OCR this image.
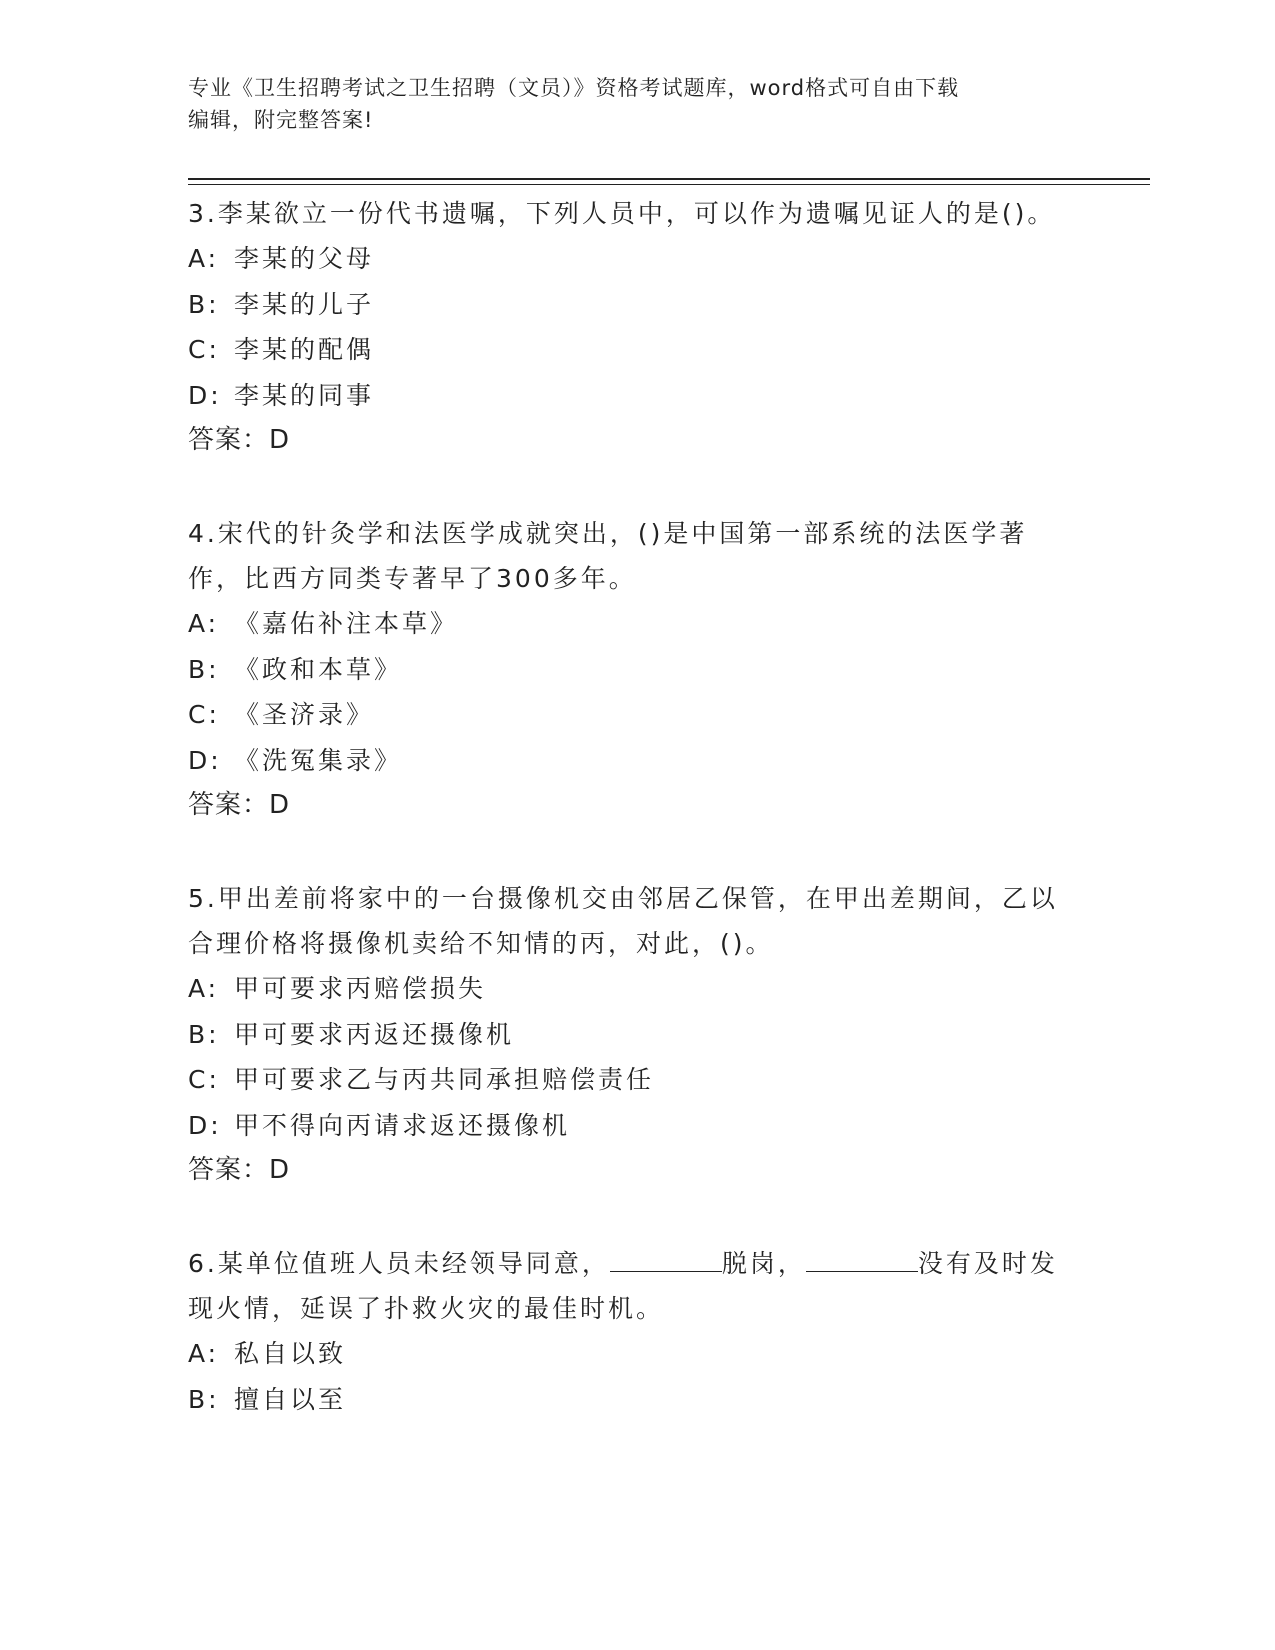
专业《卫生招聘考试之卫生招聘（文员）》资格考试题库，word格式可自由下载
编辑，附完整答案!
3.李某欲立一份代书遗嘱，下列人员中，可以作为遗嘱见证人的是()。
A: 李某的父母
B: 李某的儿子
C: 李某的配偶
D: 李某的同事
答案：D
4.宋代的针灸学和法医学成就突出，()是中国第一部系统的法医学著作，比西方同类专著早了300多年。
A: 《嘉佑补注本草》
B: 《政和本草》
C: 《圣济录》
D: 《洗冤集录》
答案：D
5.甲出差前将家中的一台摄像机交由邻居乙保管，在甲出差期间，乙以合理价格将摄像机卖给不知情的丙，对此，()。
A: 甲可要求丙赔偿损失
B: 甲可要求丙返还摄像机
C: 甲可要求乙与丙共同承担赔偿责任
D: 甲不得向丙请求返还摄像机
答案：D
6.某单位值班人员未经领导同意，	脱岗，	没有及时发现火情，延误了扑救火灾的最佳时机。
A: 私自以致
B: 擅自以至
